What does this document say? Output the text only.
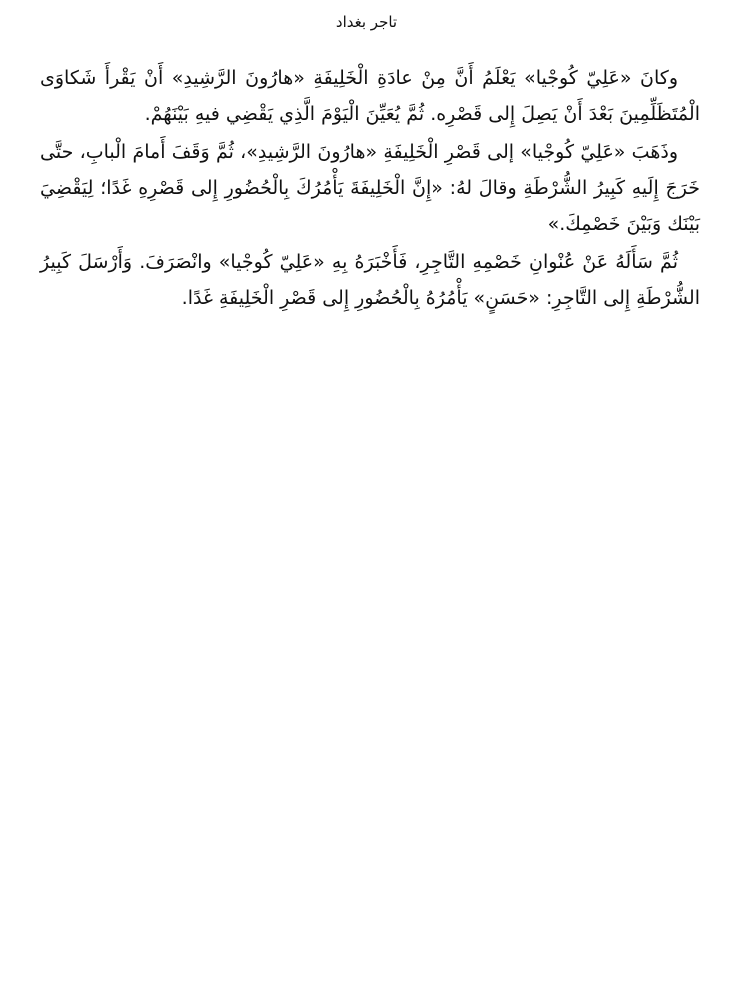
تاجر بغداد

وكانَ «عَلِيّ كُوجْيا» يَعْلَمُ أَنَّ مِنْ عادَةِ الْخَلِيفَةِ «هارُونَ الرَّشِيدِ» أَنْ يَقْرأَ شَكاوَى الْمُتَظَلِّمِينَ بَعْدَ أَنْ يَصِلَ إِلى قَصْرِه. ثُمَّ يُعَيِّنَ الْيَوْمَ الَّذِي يَقْضِي فيهِ بَيْنَهُمْ.

وذَهَبَ «عَلِيّ كُوجْيا» إلى قَصْرِ الْخَلِيفَةِ «هارُونَ الرَّشِيدِ»، ثُمَّ وَقَفَ أَمامَ الْبابِ، حتَّى خَرَجَ إِلَيهِ كَبِيرُ الشُّرْطَةِ وقالَ لهُ: «إِنَّ الْخَلِيفَةَ يَأْمُرُكَ بِالْحُضُورِ إِلى قَصْرِهِ غَدًا؛ لِيَقْضِيَ بَيْنَك وَبَيْنَ خَصْمِكَ.»

ثُمَّ سَأَلَهُ عَنْ عُنْوانِ خَصْمِهِ التَّاجِرِ، فَأَخْبَرَهُ بِهِ «عَلِيّ كُوجْيا» وانْصَرَفَ. وَأَرْسَلَ كَبِيرُ الشُّرْطَةِ إِلى التَّاجِرِ: «حَسَنٍ» يَأْمُرُهُ بِالْحُضُورِ إِلى قَصْرِ الْخَلِيفَةِ غَدًا.
